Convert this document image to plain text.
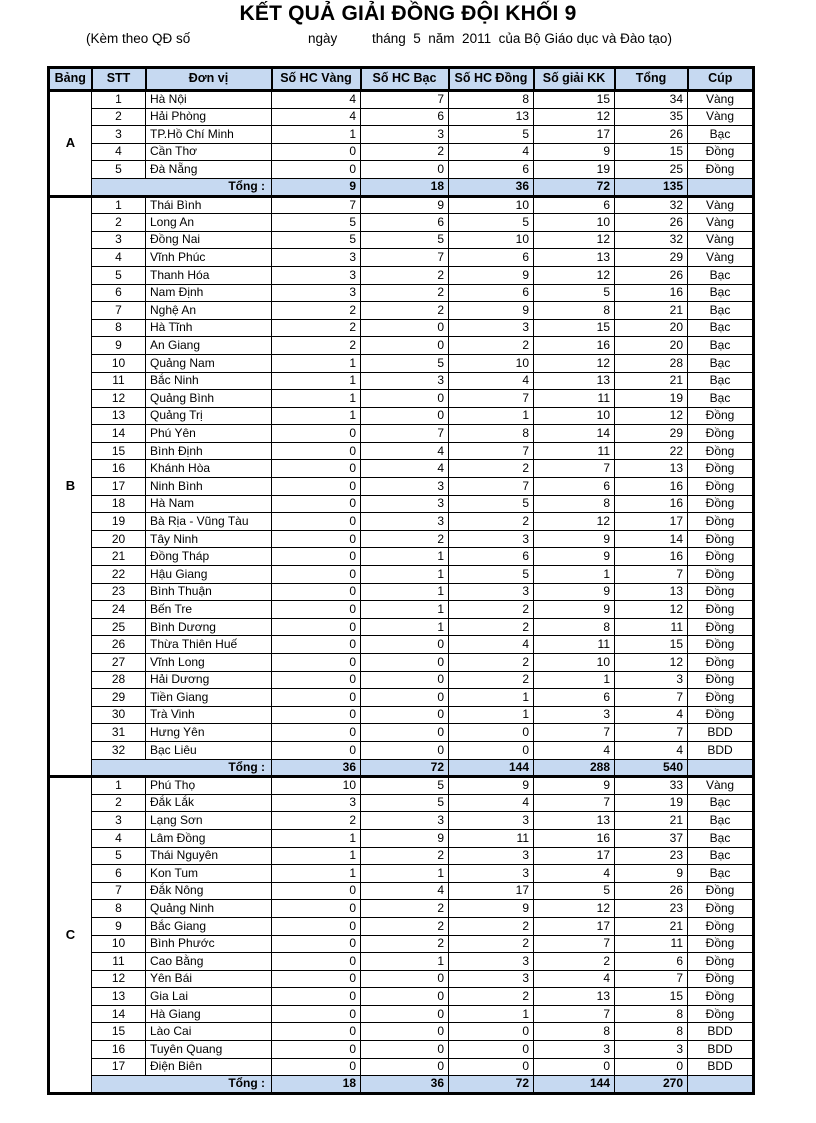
KẾT QUẢ GIẢI ĐỒNG ĐỘI KHỐI 9
(Kèm theo QĐ số	ngày	tháng  5  năm  2011  của Bộ Giáo dục và Đào tạo)
Bảng	STT	Đơn vị	Số HC Vàng	Số HC Bạc	Số HC Đồng	Số giải KK	Tổng	Cúp
A	1	Hà Nội	4	7	8	15	34	Vàng
	2	Hải Phòng	4	6	13	12	35	Vàng
	3	TP.Hồ Chí Minh	1	3	5	17	26	Bạc
	4	Cần Thơ	0	2	4	9	15	Đồng
	5	Đà Nẵng	0	0	6	19	25	Đồng
	Tổng :		9	18	36	72	135	
B	1	Thái Bình	7	9	10	6	32	Vàng
	2	Long An	5	6	5	10	26	Vàng
	3	Đồng Nai	5	5	10	12	32	Vàng
	4	Vĩnh Phúc	3	7	6	13	29	Vàng
	5	Thanh Hóa	3	2	9	12	26	Bạc
	6	Nam Định	3	2	6	5	16	Bạc
	7	Nghệ An	2	2	9	8	21	Bạc
	8	Hà Tĩnh	2	0	3	15	20	Bạc
	9	An Giang	2	0	2	16	20	Bạc
	10	Quảng Nam	1	5	10	12	28	Bạc
	11	Bắc Ninh	1	3	4	13	21	Bạc
	12	Quảng Bình	1	0	7	11	19	Bạc
	13	Quảng Trị	1	0	1	10	12	Đồng
	14	Phú Yên	0	7	8	14	29	Đồng
	15	Bình Định	0	4	7	11	22	Đồng
	16	Khánh Hòa	0	4	2	7	13	Đồng
	17	Ninh Bình	0	3	7	6	16	Đồng
	18	Hà Nam	0	3	5	8	16	Đồng
	19	Bà Rịa - Vũng Tàu	0	3	2	12	17	Đồng
	20	Tây Ninh	0	2	3	9	14	Đồng
	21	Đồng Tháp	0	1	6	9	16	Đồng
	22	Hậu Giang	0	1	5	1	7	Đồng
	23	Bình Thuận	0	1	3	9	13	Đồng
	24	Bến Tre	0	1	2	9	12	Đồng
	25	Bình Dương	0	1	2	8	11	Đồng
	26	Thừa Thiên Huế	0	0	4	11	15	Đồng
	27	Vĩnh Long	0	0	2	10	12	Đồng
	28	Hải Dương	0	0	2	1	3	Đồng
	29	Tiền Giang	0	0	1	6	7	Đồng
	30	Trà Vinh	0	0	1	3	4	Đồng
	31	Hưng Yên	0	0	0	7	7	BDD
	32	Bạc Liêu	0	0	0	4	4	BDD
	Tổng :		36	72	144	288	540	
C	1	Phú Thọ	10	5	9	9	33	Vàng
	2	Đắk Lắk	3	5	4	7	19	Bạc
	3	Lạng Sơn	2	3	3	13	21	Bạc
	4	Lâm Đồng	1	9	11	16	37	Bạc
	5	Thái Nguyên	1	2	3	17	23	Bạc
	6	Kon Tum	1	1	3	4	9	Bạc
	7	Đắk Nông	0	4	17	5	26	Đồng
	8	Quảng Ninh	0	2	9	12	23	Đồng
	9	Bắc Giang	0	2	2	17	21	Đồng
	10	Bình Phước	0	2	2	7	11	Đồng
	11	Cao Bằng	0	1	3	2	6	Đồng
	12	Yên Bái	0	0	3	4	7	Đồng
	13	Gia Lai	0	0	2	13	15	Đồng
	14	Hà Giang	0	0	1	7	8	Đồng
	15	Lào Cai	0	0	0	8	8	BDD
	16	Tuyên Quang	0	0	0	3	3	BDD
	17	Điện Biên	0	0	0	0	0	BDD
	Tổng :		18	36	72	144	270	
